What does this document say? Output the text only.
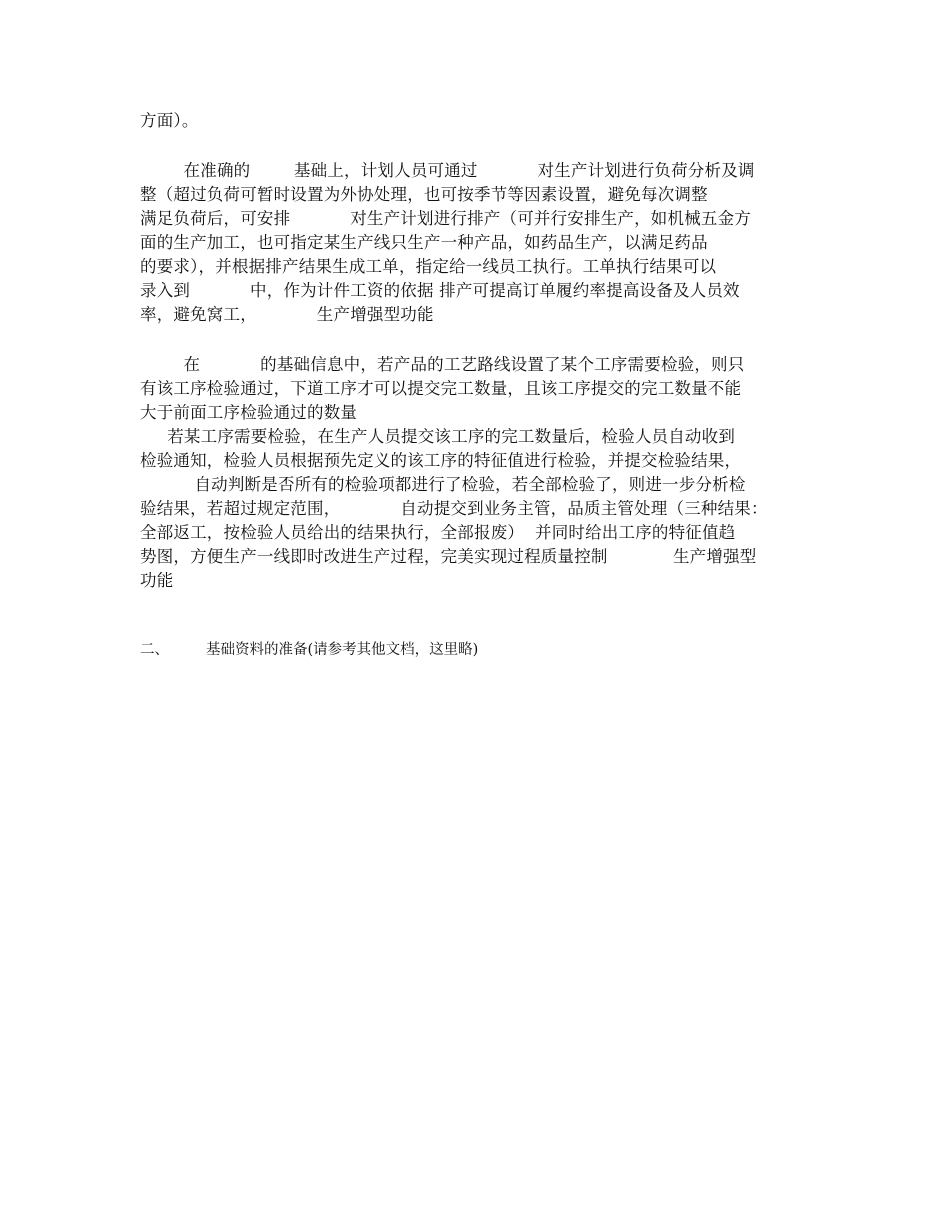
方面）。
在准确的        基础上，计划人员可通过           对生产计划进行负荷分析及调
整（超过负荷可暂时设置为外协处理，也可按季节等因素设置，避免每次调整
满足负荷后，可安排           对生产计划进行排产（可并行安排生产，如机械五金方
面的生产加工，也可指定某生产线只生产一种产品，如药品生产，以满足药品
的要求），并根据排产结果生成工单，指定给一线员工执行。工单执行结果可以
录入到           中，作为计件工资的依据 排产可提高订单履约率提高设备及人员效
率，避免窝工，           生产增强型功能
在           的基础信息中，若产品的工艺路线设置了某个工序需要检验，则只
有该工序检验通过，下道工序才可以提交完工数量，且该工序提交的完工数量不能
大于前面工序检验通过的数量
若某工序需要检验，在生产人员提交该工序的完工数量后，检验人员自动收到
检验通知，检验人员根据预先定义的该工序的特征值进行检验，并提交检验结果，
自动判断是否所有的检验项都进行了检验，若全部检验了，则进一步分析检
验结果，若超过规定范围，           自动提交到业务主管，品质主管处理（三种结果：
全部返工，按检验人员给出的结果执行，全部报废）  并同时给出工序的特征值趋
势图，方便生产一线即时改进生产过程，完美实现过程质量控制            生产增强型
功能
二、	基础资料的准备(请参考其他文档，这里略)
